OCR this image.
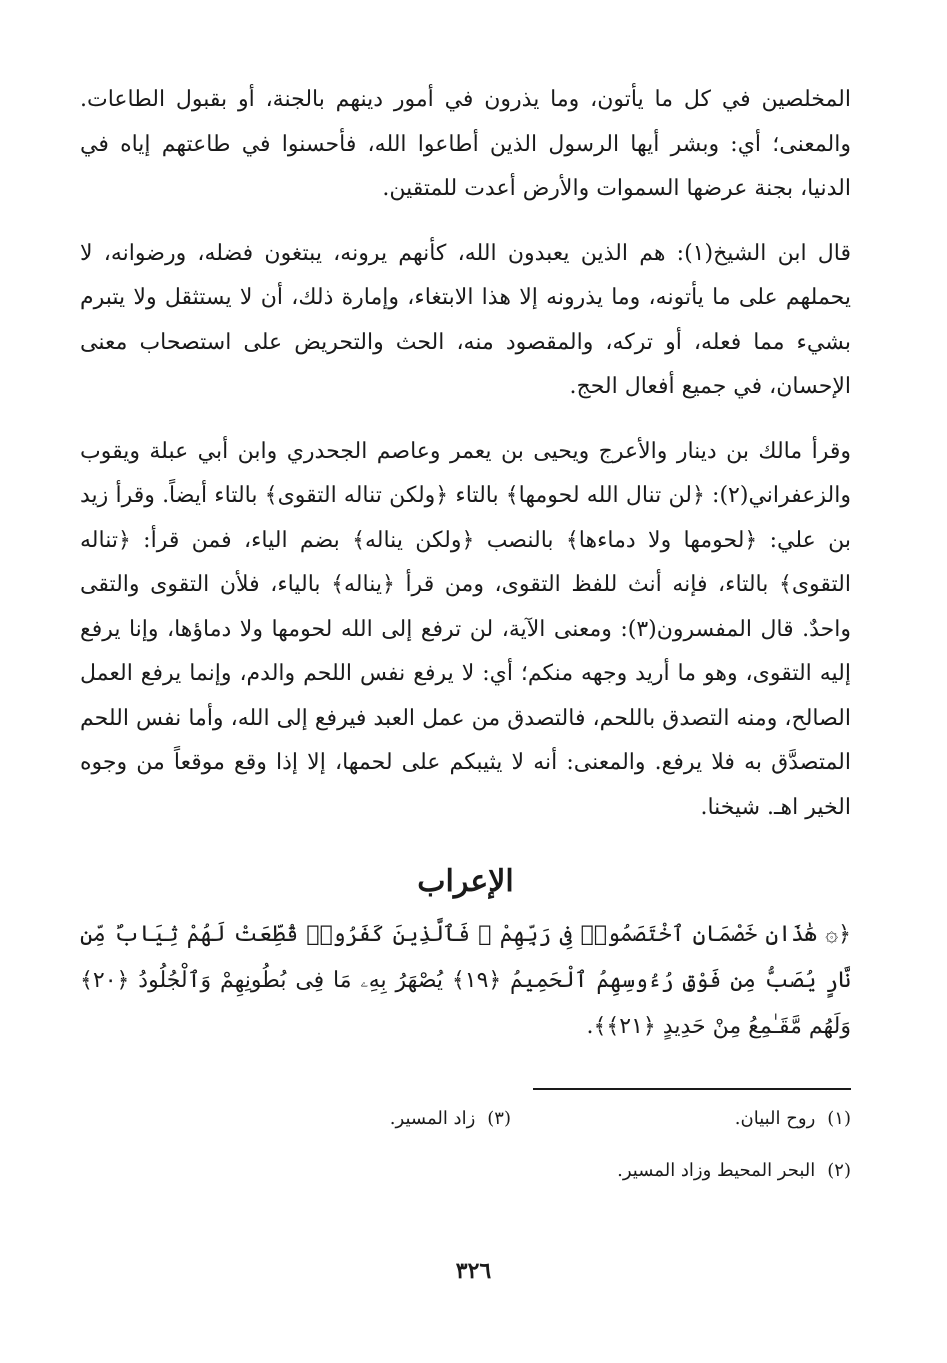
المخلصين في كل ما يأتون، وما يذرون في أمور دينهم بالجنة، أو بقبول الطاعات. والمعنى؛ أي: وبشر أيها الرسول الذين أطاعوا الله، فأحسنوا في طاعتهم إياه في الدنيا، بجنة عرضها السموات والأرض أعدت للمتقين.

قال ابن الشيخ(١): هم الذين يعبدون الله، كأنهم يرونه، يبتغون فضله، ورضوانه، لا يحملهم على ما يأتونه، وما يذرونه إلا هذا الابتغاء، وإمارة ذلك، أن لا يستثقل ولا يتبرم بشيء مما فعله، أو تركه، والمقصود منه، الحث والتحريض على استصحاب معنى الإحسان، في جميع أفعال الحج.

وقرأ مالك بن دينار والأعرج ويحيى بن يعمر وعاصم الجحدري وابن أبي عبلة ويقوب والزعفراني(٢): ﴿لن تنال الله لحومها﴾ بالتاء ﴿ولكن تناله التقوى﴾ بالتاء أيضاً. وقرأ زيد بن علي: ﴿لحومها ولا دماءها﴾ بالنصب ﴿ولكن يناله﴾ بضم الياء، فمن قرأ: ﴿تناله التقوى﴾ بالتاء، فإنه أنث للفظ التقوى، ومن قرأ ﴿يناله﴾ بالياء، فلأن التقوى والتقى واحدٌ. قال المفسرون(٣): ومعنى الآية، لن ترفع إلى الله لحومها ولا دماؤها، وإنا يرفع إليه التقوى، وهو ما أريد وجهه منكم؛ أي: لا يرفع نفس اللحم والدم، وإنما يرفع العمل الصالح، ومنه التصدق باللحم، فالتصدق من عمل العبد فيرفع إلى الله، وأما نفس اللحم المتصدَّق به فلا يرفع. والمعنى: أنه لا يثيبكم على لحمها، إلا إذا وقع موقعاً من وجوه الخير اهـ. شيخنا.

الإعراب

﴿۞ هَٰذَانِ خَصْمَانِ ٱخْتَصَمُوا۟ فِى رَبِّهِمْ ۖ فَٱلَّذِينَ كَفَرُوا۟ قُطِّعَتْ لَهُمْ ثِيَابٌ مِّن نَّارٍ يُصَبُّ مِن فَوْقِ رُءُوسِهِمُ ٱلْحَمِيمُ ﴿١٩﴾ يُصْهَرُ بِهِۦ مَا فِى بُطُونِهِمْ وَٱلْجُلُودُ ﴿٢٠﴾ وَلَهُم مَّقَـٰمِعُ مِنْ حَدِيدٍ ﴿٢١﴾﴾.

(١)روح البيان.
(٣)زاد المسير.
(٢)البحر المحيط وزاد المسير.
٣٢٦
